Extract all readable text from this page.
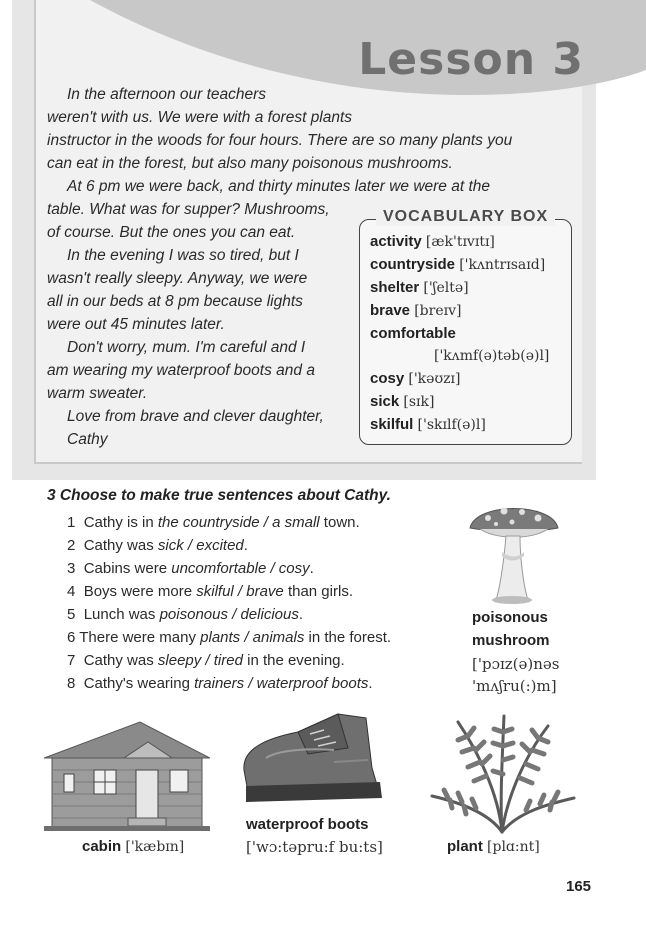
Lesson 3
In the afternoon our teachers
weren't with us. We were with a forest plants
instructor in the woods for four hours. There are so many plants you
can eat in the forest, but also many poisonous mushrooms.
At 6 pm we were back, and thirty minutes later we were at the
table. What was for supper? Mushrooms,
of course. But the ones you can eat.
In the evening I was so tired, but I
wasn't really sleepy. Anyway, we were
all in our beds at 8 pm because lights
were out 45 minutes later.
Don't worry, mum. I'm careful and I
am wearing my waterproof boots and a
warm sweater.
Love from brave and clever daughter,
Cathy
VOCABULARY BOX
activity [æk'tɪvɪtɪ]
countryside ['kʌntrɪsaɪd]
shelter ['ʃeltə]
brave [breɪv]
comfortable
['kʌmf(ə)təb(ə)l]
cosy ['kəʊzɪ]
sick [sɪk]
skilful ['skɪlf(ə)l]
3 Choose to make true sentences about Cathy.
1 Cathy is in the countryside / a small town.
2 Cathy was sick / excited.
3 Cabins were uncomfortable / cosy.
4 Boys were more skilful / brave than girls.
5 Lunch was poisonous / delicious.
6 There were many plants / animals in the forest.
7 Cathy was sleepy / tired in the evening.
8 Cathy's wearing trainers / waterproof boots.
poisonous
mushroom
['pɔɪz(ə)nəs
'mʌʃru(:)m]
cabin ['kæbɪn]
waterproof boots
['wɔ:təpru:f bu:ts]	plant [plɑ:nt]
165
